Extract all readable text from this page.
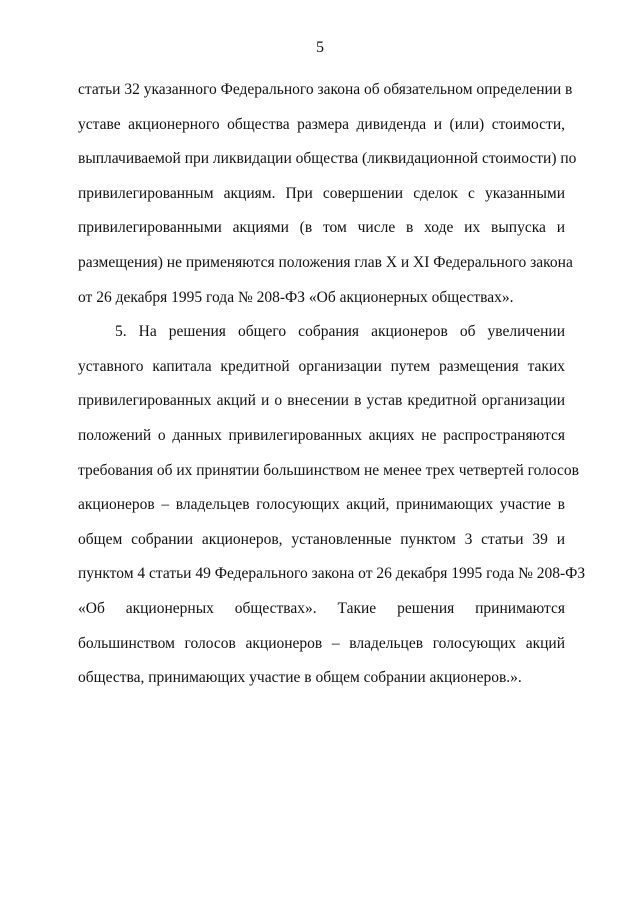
5
статьи 32 указанного Федерального закона об обязательном определении в
уставе акционерного общества размера дивиденда и (или) стоимости,
выплачиваемой при ликвидации общества (ликвидационной стоимости) по
привилегированным акциям. При совершении сделок с указанными
привилегированными акциями (в том числе в ходе их выпуска и
размещения) не применяются положения глав X и XI Федерального закона
от 26 декабря 1995 года № 208-ФЗ «Об акционерных обществах».
5. На решения общего собрания акционеров об увеличении
уставного капитала кредитной организации путем размещения таких
привилегированных акций и о внесении в устав кредитной организации
положений о данных привилегированных акциях не распространяются
требования об их принятии большинством не менее трех четвертей голосов
акционеров – владельцев голосующих акций, принимающих участие в
общем собрании акционеров, установленные пунктом 3 статьи 39 и
пунктом 4 статьи 49 Федерального закона от 26 декабря 1995 года № 208-ФЗ
«Об акционерных обществах». Такие решения принимаются
большинством голосов акционеров – владельцев голосующих акций
общества, принимающих участие в общем собрании акционеров.».
